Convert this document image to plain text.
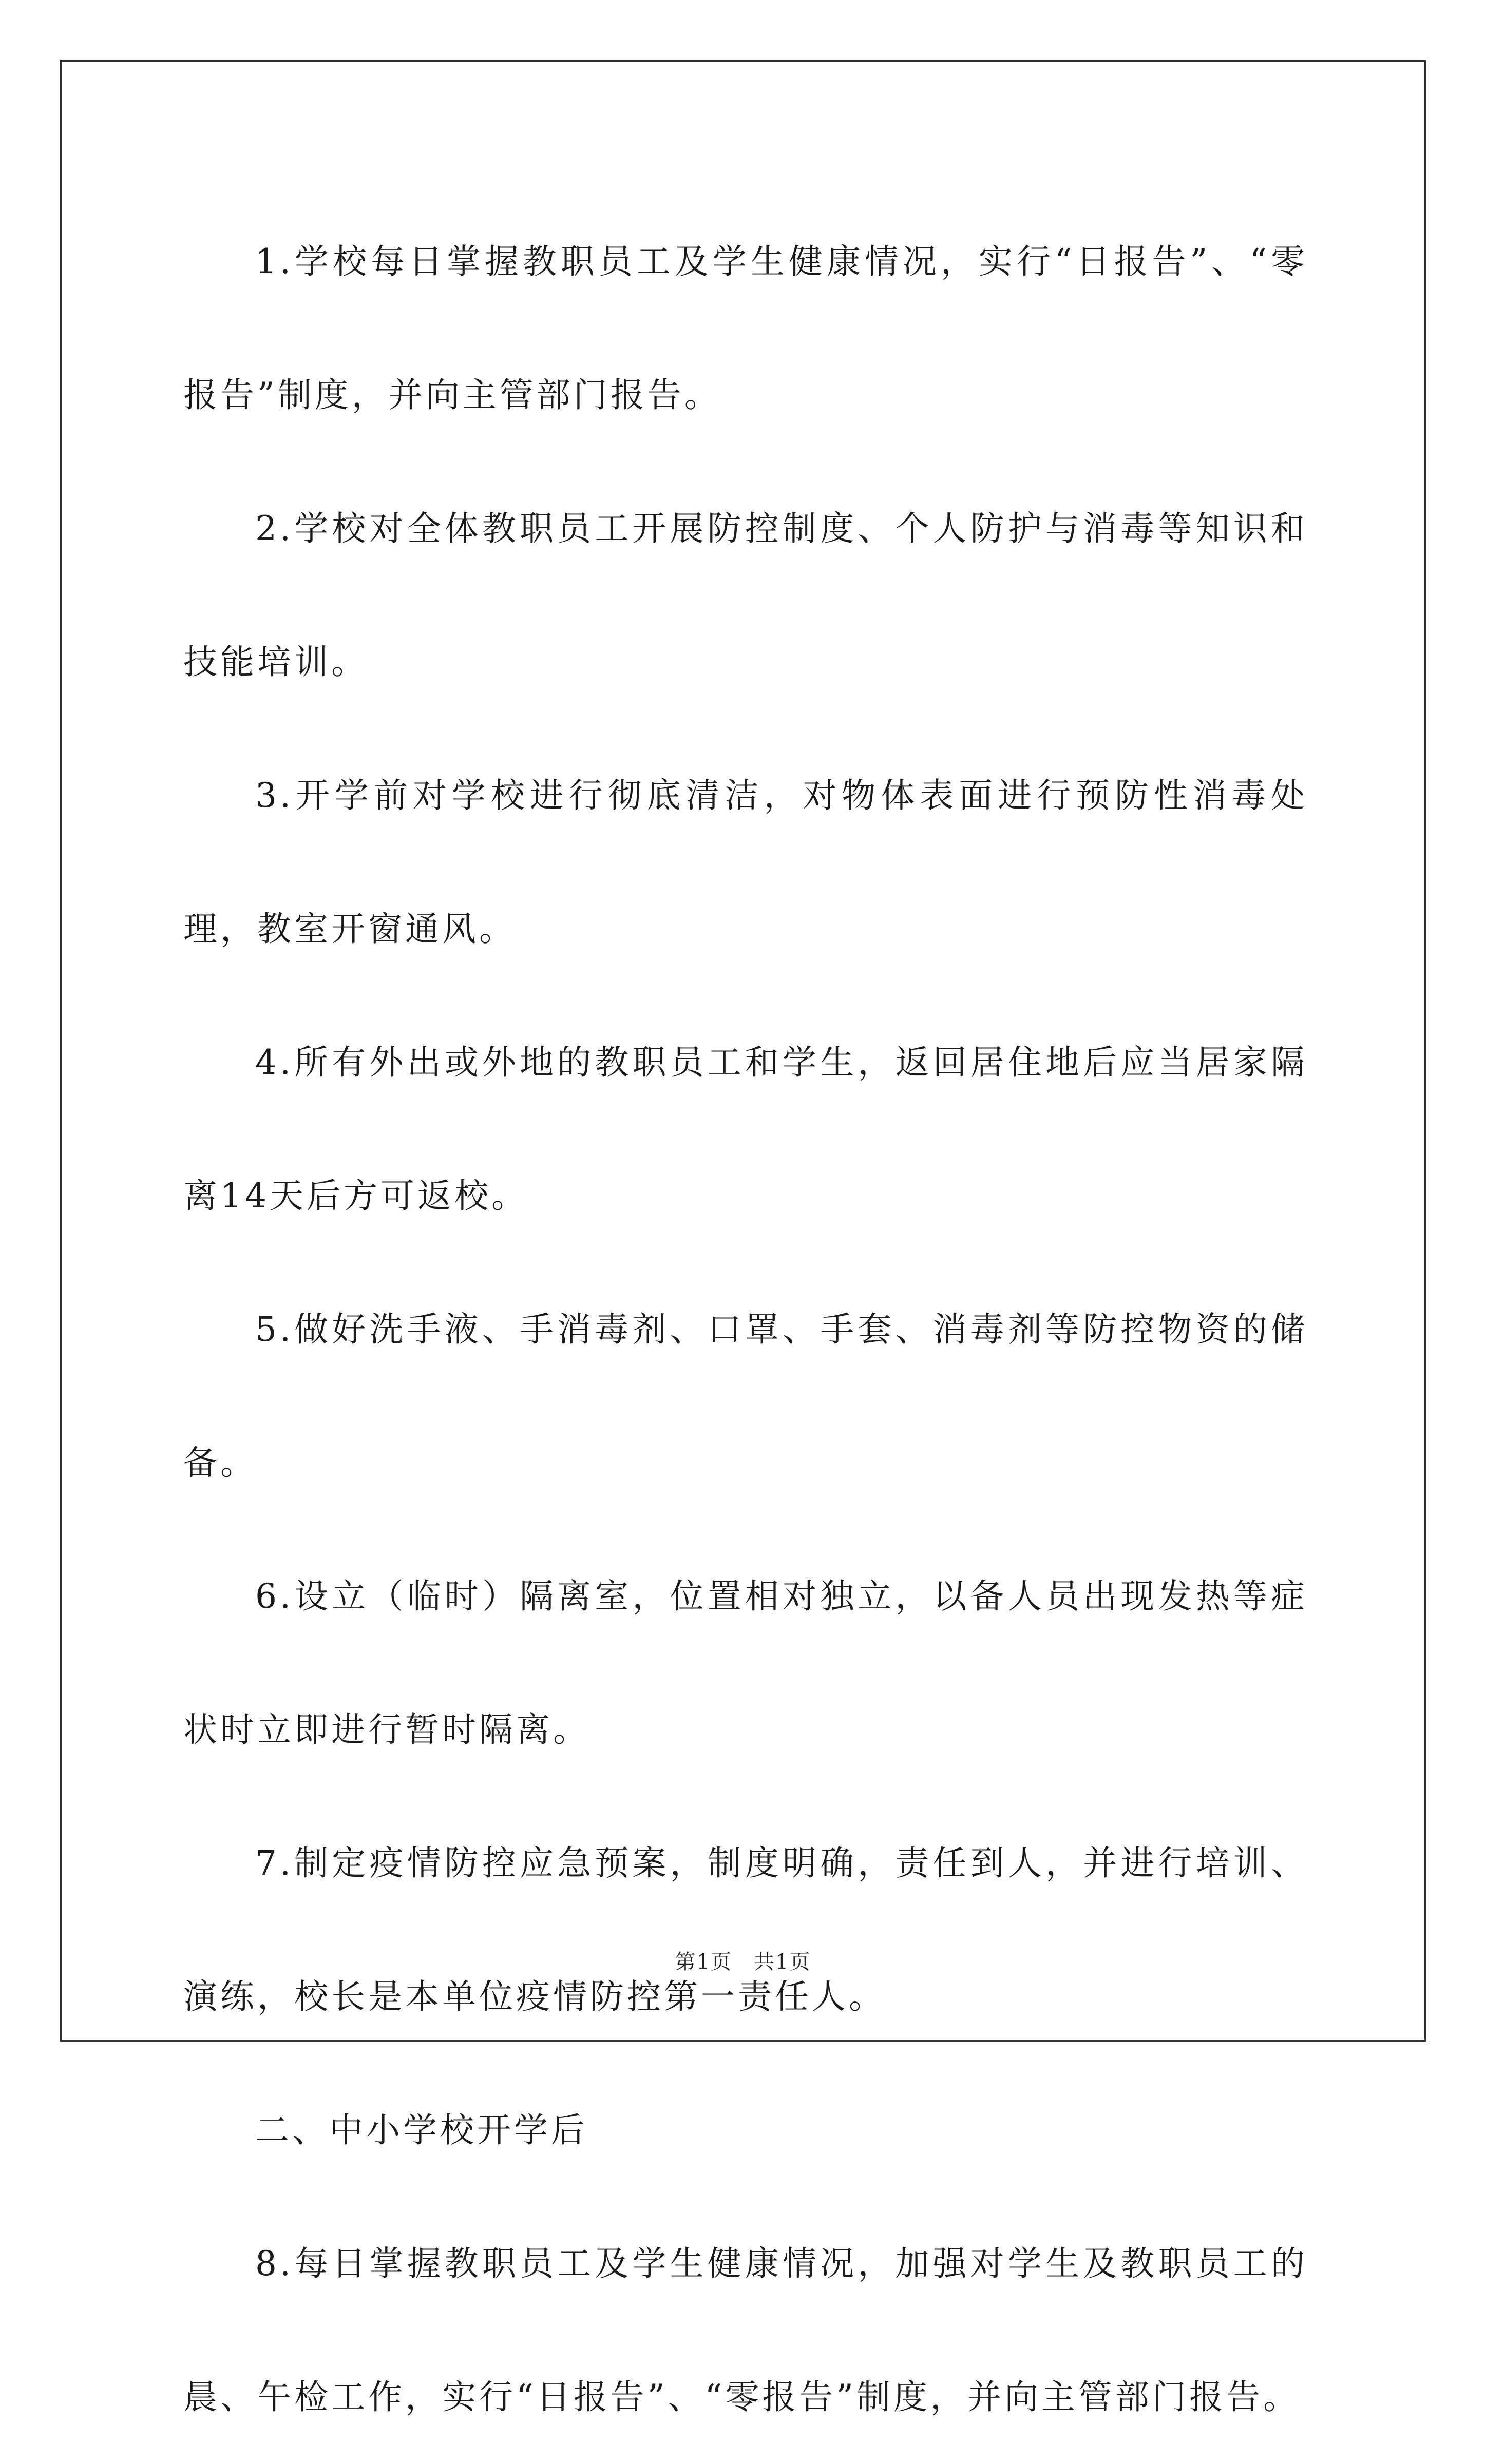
1.学校每日掌握教职员工及学生健康情况，实行“日报告”、“零报告”制度，并向主管部门报告。

2.学校对全体教职员工开展防控制度、个人防护与消毒等知识和技能培训。

3.开学前对学校进行彻底清洁，对物体表面进行预防性消毒处理，教室开窗通风。

4.所有外出或外地的教职员工和学生，返回居住地后应当居家隔离14天后方可返校。

5.做好洗手液、手消毒剂、口罩、手套、消毒剂等防控物资的储备。

6.设立（临时）隔离室，位置相对独立，以备人员出现发热等症状时立即进行暂时隔离。

7.制定疫情防控应急预案，制度明确，责任到人，并进行培训、演练，校长是本单位疫情防控第一责任人。

二、中小学校开学后

8.每日掌握教职员工及学生健康情况，加强对学生及教职员工的晨、午检工作，实行“日报告”、“零报告”制度，并向主管部门报告。

第1页　共1页
